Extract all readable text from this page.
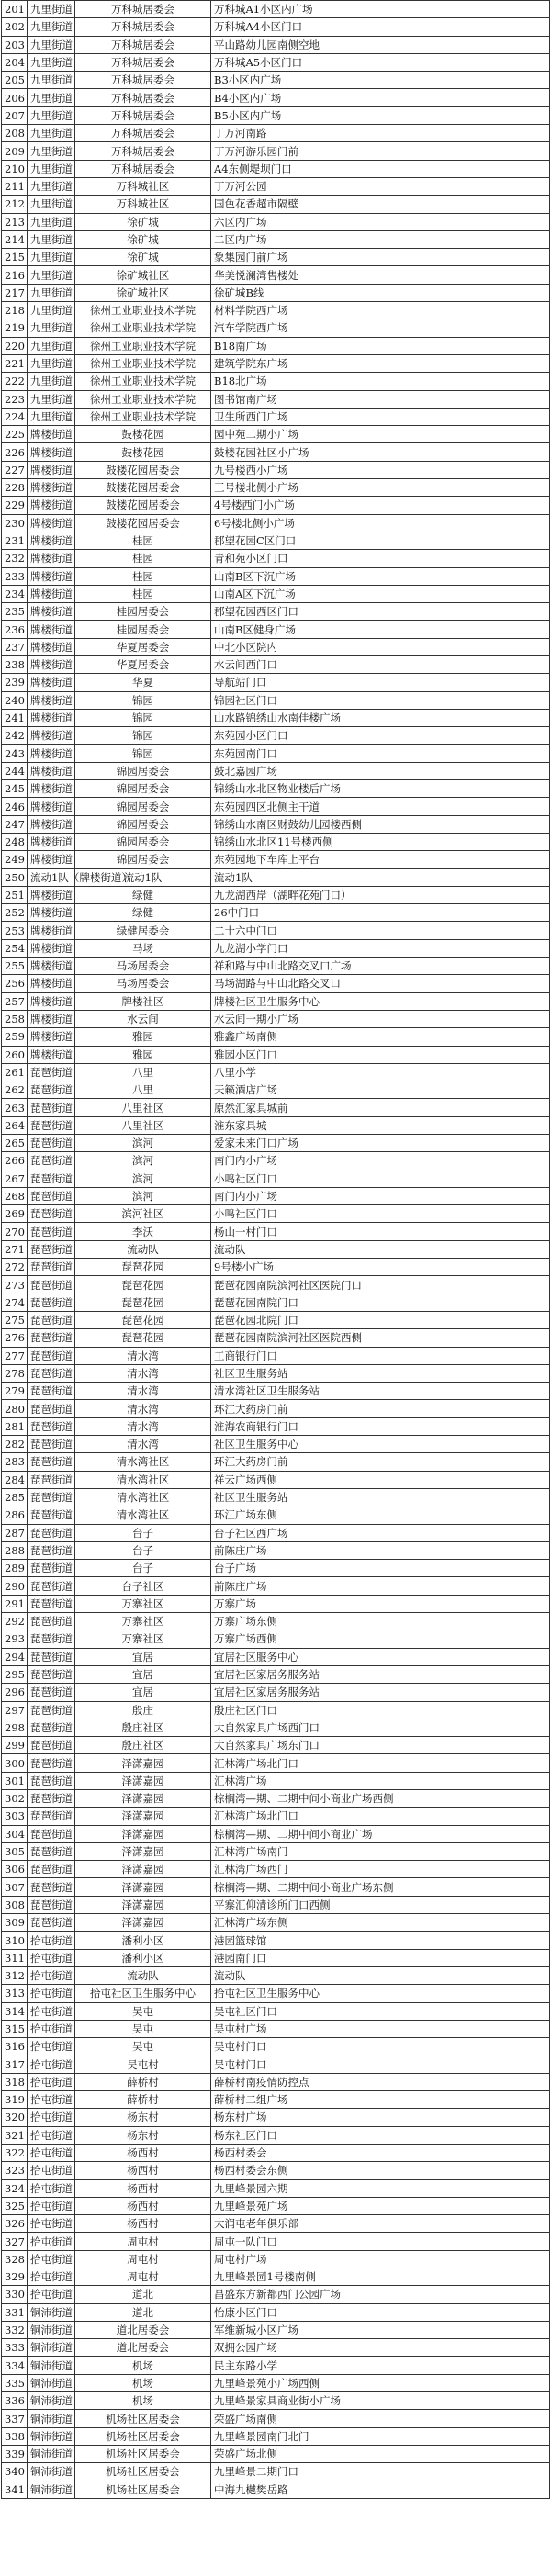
201	九里街道	万科城居委会	万科城A1小区内广场
202	九里街道	万科城居委会	万科城A4小区门口
203	九里街道	万科城居委会	平山路幼儿园南侧空地
204	九里街道	万科城居委会	万科城A5小区门口
205	九里街道	万科城居委会	B3小区内广场
206	九里街道	万科城居委会	B4小区内广场
207	九里街道	万科城居委会	B5小区内广场
208	九里街道	万科城居委会	丁万河南路
209	九里街道	万科城居委会	丁万河游乐园门前
210	九里街道	万科城居委会	A4东侧堤坝门口
211	九里街道	万科城社区	丁万河公园
212	九里街道	万科城社区	国色花香超市隔壁
213	九里街道	徐矿城	六区内广场
214	九里街道	徐矿城	二区内广场
215	九里街道	徐矿城	象集园门前广场
216	九里街道	徐矿城社区	华美悦澜湾售楼处
217	九里街道	徐矿城社区	徐矿城B线
218	九里街道	徐州工业职业技术学院	材料学院西广场
219	九里街道	徐州工业职业技术学院	汽车学院西广场
220	九里街道	徐州工业职业技术学院	B18南广场
221	九里街道	徐州工业职业技术学院	建筑学院东广场
222	九里街道	徐州工业职业技术学院	B18北广场
223	九里街道	徐州工业职业技术学院	图书馆南广场
224	九里街道	徐州工业职业技术学院	卫生所西门广场
225	牌楼街道	鼓楼花园	园中苑二期小广场
226	牌楼街道	鼓楼花园	鼓楼花园社区小广场
227	牌楼街道	鼓楼花园居委会	九号楼西小广场
228	牌楼街道	鼓楼花园居委会	三号楼北侧小广场
229	牌楼街道	鼓楼花园居委会	4号楼西门小广场
230	牌楼街道	鼓楼花园居委会	6号楼北侧小广场
231	牌楼街道	桂园	郡望花园C区门口
232	牌楼街道	桂园	青和苑小区门口
233	牌楼街道	桂园	山南B区下沉广场
234	牌楼街道	桂园	山南A区下沉广场
235	牌楼街道	桂园居委会	郡望花园西区门口
236	牌楼街道	桂园居委会	山南B区健身广场
237	牌楼街道	华夏居委会	中北小区院内
238	牌楼街道	华夏居委会	水云间西门口
239	牌楼街道	华夏	导航站门口
240	牌楼街道	锦园	锦园社区门口
241	牌楼街道	锦园	山水路锦绣山水南佳楼广场
242	牌楼街道	锦园	东苑园小区门口
243	牌楼街道	锦园	东苑园南门口
244	牌楼街道	锦园居委会	鼓北嘉园广场
245	牌楼街道	锦园居委会	锦绣山水北区物业楼后广场
246	牌楼街道	锦园居委会	东苑园四区北侧主干道
247	牌楼街道	锦园居委会	锦绣山水南区财鼓幼儿园楼西侧
248	牌楼街道	锦园居委会	锦绣山水北区11号楼西侧
249	牌楼街道	锦园居委会	东苑园地下车库上平台
250	流动1队（牌楼街道）	流动1队	流动1队
251	牌楼街道	绿健	九龙湖西岸（湖畔花苑门口）
252	牌楼街道	绿健	26中门口
253	牌楼街道	绿健居委会	二十六中门口
254	牌楼街道	马场	九龙湖小学门口
255	牌楼街道	马场居委会	祥和路与中山北路交叉口广场
256	牌楼街道	马场居委会	马场湖路与中山北路交叉口
257	牌楼街道	牌楼社区	牌楼社区卫生服务中心
258	牌楼街道	水云间	水云间一期小广场
259	牌楼街道	雅园	雅鑫广场南侧
260	牌楼街道	雅园	雅园小区门口
261	琵琶街道	八里	八里小学
262	琵琶街道	八里	天籁酒店广场
263	琵琶街道	八里社区	原然汇家具城前
264	琵琶街道	八里社区	淮东家具城
265	琵琶街道	滨河	爱家未来门口广场
266	琵琶街道	滨河	南门内小广场
267	琵琶街道	滨河	小鸣社区门口
268	琵琶街道	滨河	南门内小广场
269	琵琶街道	滨河社区	小鸣社区门口
270	琵琶街道	李沃	杨山一村门口
271	琵琶街道	流动队	流动队
272	琵琶街道	琵琶花园	9号楼小广场
273	琵琶街道	琵琶花园	琵琶花园南院滨河社区医院门口
274	琵琶街道	琵琶花园	琵琶花园南院门口
275	琵琶街道	琵琶花园	琵琶花园北院门口
276	琵琶街道	琵琶花园	琵琶花园南院滨河社区医院西侧
277	琵琶街道	清水湾	工商银行门口
278	琵琶街道	清水湾	社区卫生服务站
279	琵琶街道	清水湾	清水湾社区卫生服务站
280	琵琶街道	清水湾	环江大药房门前
281	琵琶街道	清水湾	淮海农商银行门口
282	琵琶街道	清水湾	社区卫生服务中心
283	琵琶街道	清水湾社区	环江大药房门前
284	琵琶街道	清水湾社区	祥云广场西侧
285	琵琶街道	清水湾社区	社区卫生服务站
286	琵琶街道	清水湾社区	环江广场东侧
287	琵琶街道	台子	台子社区西广场
288	琵琶街道	台子	前陈庄广场
289	琵琶街道	台子	台子广场
290	琵琶街道	台子社区	前陈庄广场
291	琵琶街道	万寨社区	万寨广场
292	琵琶街道	万寨社区	万寨广场东侧
293	琵琶街道	万寨社区	万寨广场西侧
294	琵琶街道	宜居	宜居社区服务中心
295	琵琶街道	宜居	宜居社区家居务服务站
296	琵琶街道	宜居	宜居社区家居务服务站
297	琵琶街道	殷庄	殷庄社区门口
298	琵琶街道	殷庄社区	大自然家具广场西门口
299	琵琶街道	殷庄社区	大自然家具广场东门口
300	琵琶街道	泽潇嘉园	汇林湾广场北门口
301	琵琶街道	泽潇嘉园	汇林湾广场
302	琵琶街道	泽潇嘉园	棕榈湾—期、二期中间小商业广场西侧
303	琵琶街道	泽潇嘉园	汇林湾广场北门口
304	琵琶街道	泽潇嘉园	棕榈湾—期、二期中间小商业广场
305	琵琶街道	泽潇嘉园	汇林湾广场南门
306	琵琶街道	泽潇嘉园	汇林湾广场西门
307	琵琶街道	泽潇嘉园	棕榈湾—期、二期中间小商业广场东侧
308	琵琶街道	泽潇嘉园	平寨汇仰清诊所门口西侧
309	琵琶街道	泽潇嘉园	汇林湾广场东侧
310	拾屯街道	潘利小区	港园篮球馆
311	拾屯街道	潘利小区	港园南门口
312	拾屯街道	流动队	流动队
313	拾屯街道	拾屯社区卫生服务中心	拾屯社区卫生服务中心
314	拾屯街道	吴屯	吴屯社区门口
315	拾屯街道	吴屯	吴屯村广场
316	拾屯街道	吴屯	吴屯村门口
317	拾屯街道	吴屯村	吴屯村门口
318	拾屯街道	薛桥村	薛桥村南疫情防控点
319	拾屯街道	薛桥村	薛桥村二组广场
320	拾屯街道	杨东村	杨东村广场
321	拾屯街道	杨东村	杨东社区门口
322	拾屯街道	杨西村	杨西村委会
323	拾屯街道	杨西村	杨西村委会东侧
324	拾屯街道	杨西村	九里峰景园六期
325	拾屯街道	杨西村	九里峰景苑广场
326	拾屯街道	杨西村	大润屯老年俱乐部
327	拾屯街道	周屯村	周屯一队门口
328	拾屯街道	周屯村	周屯村广场
329	拾屯街道	周屯村	九里峰景园1号楼南侧
330	拾屯街道	道北	昌盛东方新都西门公园广场
331	铜沛街道	道北	怡康小区门口
332	铜沛街道	道北居委会	军维新城小区广场
333	铜沛街道	道北居委会	双拥公园广场
334	铜沛街道	机场	民主东路小学
335	铜沛街道	机场	九里峰景苑小广场西侧
336	铜沛街道	机场	九里峰景家具商业街小广场
337	铜沛街道	机场社区居委会	荣盛广场南侧
338	铜沛街道	机场社区居委会	九里峰景园南门北门
339	铜沛街道	机场社区居委会	荣盛广场北侧
340	铜沛街道	机场社区居委会	九里峰景二期门口
341	铜沛街道	机场社区居委会	中海九樾樊岳路
